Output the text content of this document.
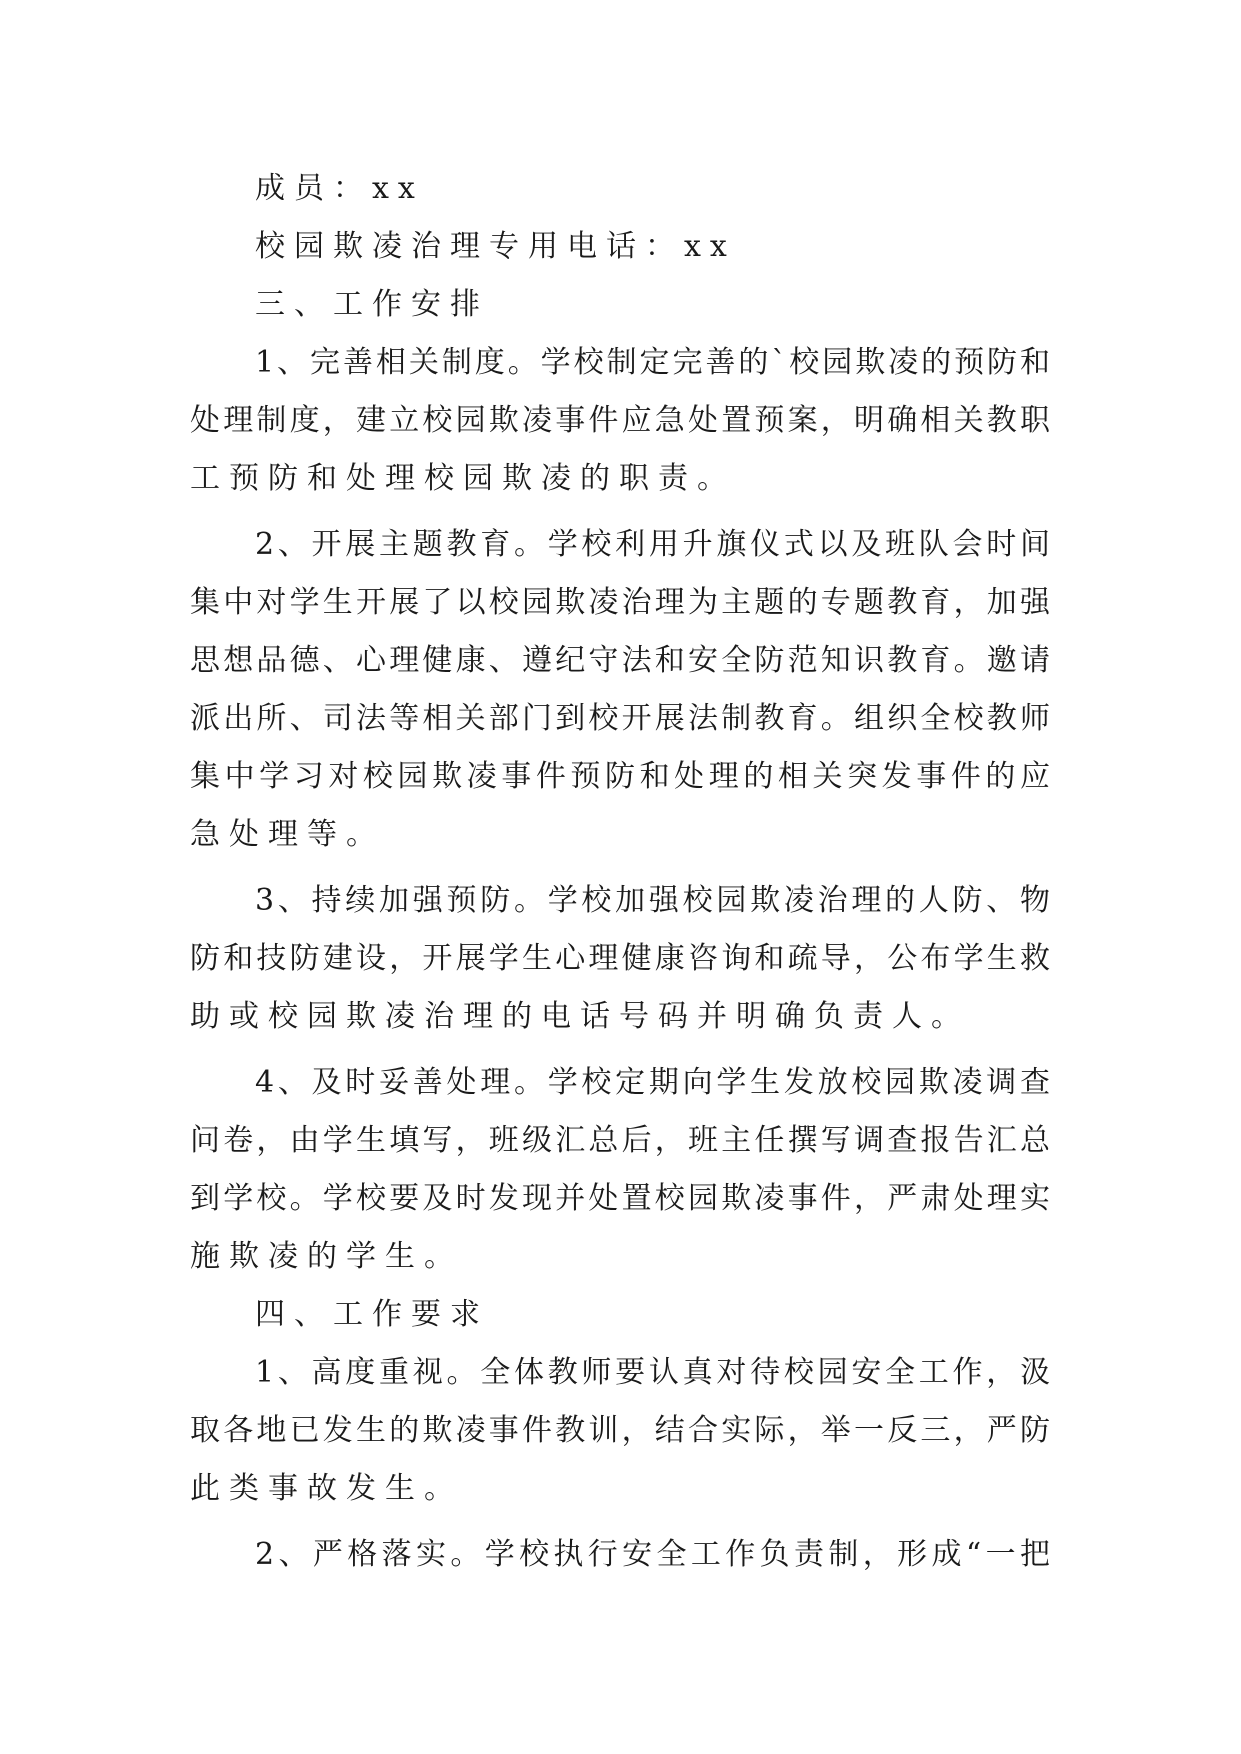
成员：xx
校园欺凌治理专用电话：xx
三、工作安排
1、完善相关制度。学校制定完善的`校园欺凌的预防和
处理制度，建立校园欺凌事件应急处置预案，明确相关教职
工预防和处理校园欺凌的职责。
2、开展主题教育。学校利用升旗仪式以及班队会时间
集中对学生开展了以校园欺凌治理为主题的专题教育，加强
思想品德、心理健康、遵纪守法和安全防范知识教育。邀请
派出所、司法等相关部门到校开展法制教育。组织全校教师
集中学习对校园欺凌事件预防和处理的相关突发事件的应
急处理等。
3、持续加强预防。学校加强校园欺凌治理的人防、物
防和技防建设，开展学生心理健康咨询和疏导，公布学生救
助或校园欺凌治理的电话号码并明确负责人。
4、及时妥善处理。学校定期向学生发放校园欺凌调查
问卷，由学生填写，班级汇总后，班主任撰写调查报告汇总
到学校。学校要及时发现并处置校园欺凌事件，严肃处理实
施欺凌的学生。
四、工作要求
1、高度重视。全体教师要认真对待校园安全工作，汲
取各地已发生的欺凌事件教训，结合实际，举一反三，严防
此类事故发生。
2、严格落实。学校执行安全工作负责制，形成“一把
